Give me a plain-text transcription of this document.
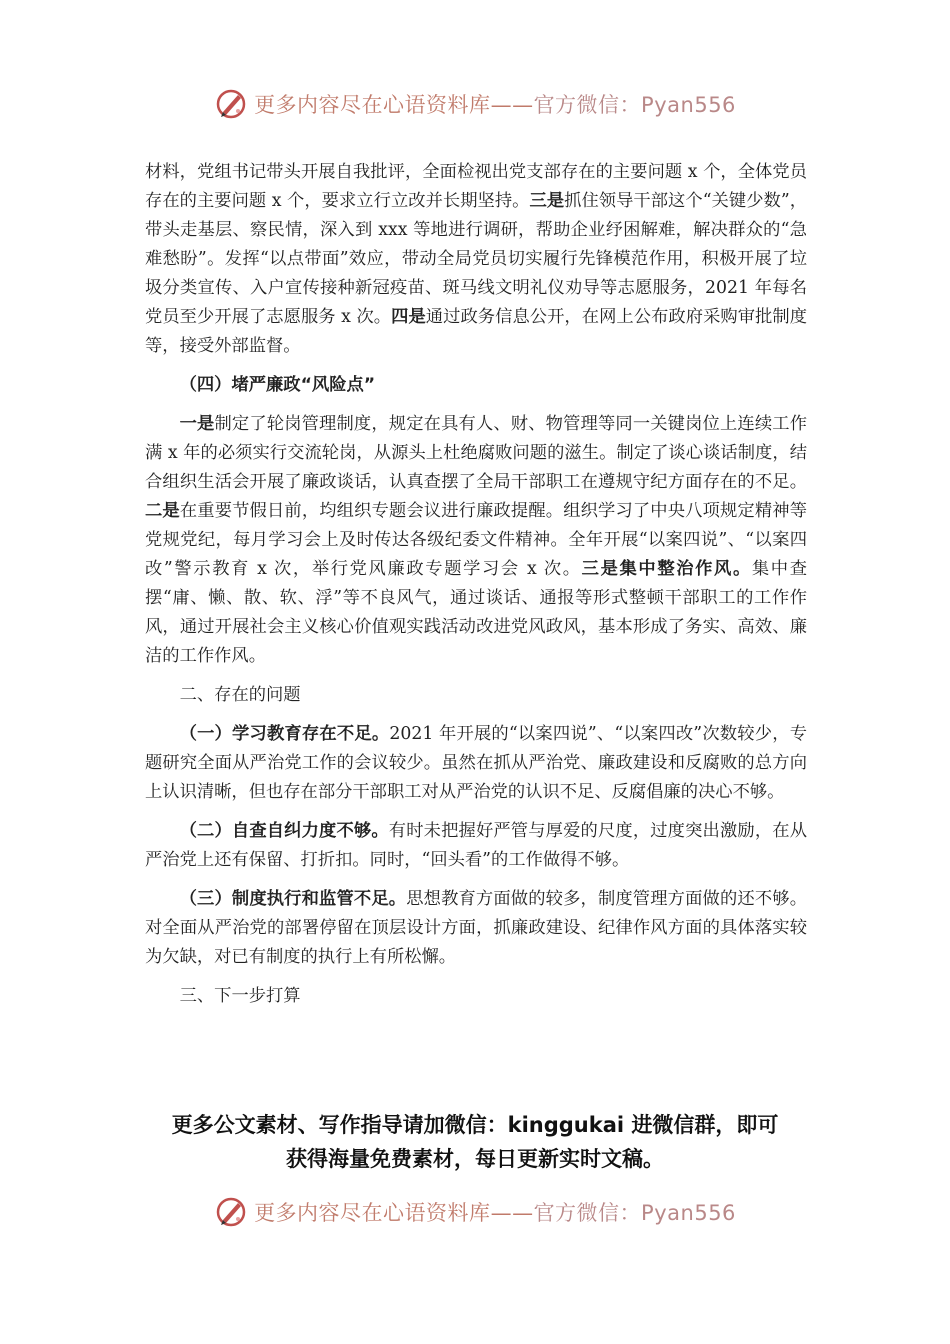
更多内容尽在心语资料库——官方微信：Pyan556

材料，党组书记带头开展自我批评，全面检视出党支部存在的主要问题 x 个，全体党员存在的主要问题 x 个，要求立行立改并长期坚持。三是抓住领导干部这个“关键少数”，带头走基层、察民情，深入到 xxx 等地进行调研，帮助企业纾困解难，解决群众的“急难愁盼”。发挥“以点带面”效应，带动全局党员切实履行先锋模范作用，积极开展了垃圾分类宣传、入户宣传接种新冠疫苗、斑马线文明礼仪劝导等志愿服务，2021 年每名党员至少开展了志愿服务 x 次。四是通过政务信息公开，在网上公布政府采购审批制度等，接受外部监督。

（四）堵严廉政“风险点”

一是制定了轮岗管理制度，规定在具有人、财、物管理等同一关键岗位上连续工作满 x 年的必须实行交流轮岗，从源头上杜绝腐败问题的滋生。制定了谈心谈话制度，结合组织生活会开展了廉政谈话，认真查摆了全局干部职工在遵规守纪方面存在的不足。二是在重要节假日前，均组织专题会议进行廉政提醒。组织学习了中央八项规定精神等党规党纪，每月学习会上及时传达各级纪委文件精神。全年开展“以案四说”、“以案四改”警示教育 x 次，举行党风廉政专题学习会 x 次。三是集中整治作风。集中查摆“庸、懒、散、软、浮”等不良风气，通过谈话、通报等形式整顿干部职工的工作作风，通过开展社会主义核心价值观实践活动改进党风政风，基本形成了务实、高效、廉洁的工作作风。

二、存在的问题

（一）学习教育存在不足。2021 年开展的“以案四说”、“以案四改”次数较少，专题研究全面从严治党工作的会议较少。虽然在抓从严治党、廉政建设和反腐败的总方向上认识清晰，但也存在部分干部职工对从严治党的认识不足、反腐倡廉的决心不够。

（二）自查自纠力度不够。有时未把握好严管与厚爱的尺度，过度突出激励，在从严治党上还有保留、打折扣。同时，“回头看”的工作做得不够。

（三）制度执行和监管不足。思想教育方面做的较多，制度管理方面做的还不够。对全面从严治党的部署停留在顶层设计方面，抓廉政建设、纪律作风方面的具体落实较为欠缺，对已有制度的执行上有所松懈。

三、下一步打算

更多公文素材、写作指导请加微信：kinggukai 进微信群，即可
获得海量免费素材，每日更新实时文稿。
更多内容尽在心语资料库——官方微信：Pyan556
